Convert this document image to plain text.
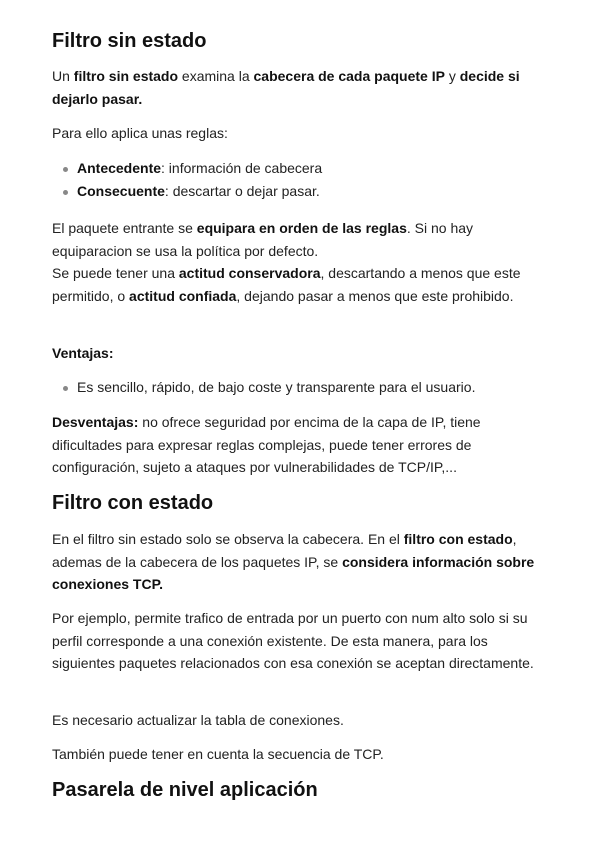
Filtro sin estado

Un filtro sin estado examina la cabecera de cada paquete IP y decide si dejarlo pasar.

Para ello aplica unas reglas:

Antecedente: información de cabecera
Consecuente: descartar o dejar pasar.

El paquete entrante se equipara en orden de las reglas. Si no hay equiparacion se usa la política por defecto.
Se puede tener una actitud conservadora, descartando a menos que este permitido, o actitud confiada, dejando pasar a menos que este prohibido.

Ventajas:

Es sencillo, rápido, de bajo coste y transparente para el usuario.

Desventajas: no ofrece seguridad por encima de la capa de IP, tiene dificultades para expresar reglas complejas, puede tener errores de configuración, sujeto a ataques por vulnerabilidades de TCP/IP,...

Filtro con estado

En el filtro sin estado solo se observa la cabecera. En el filtro con estado, ademas de la cabecera de los paquetes IP, se considera información sobre conexiones TCP.

Por ejemplo, permite trafico de entrada por un puerto con num alto solo si su perfil corresponde a una conexión existente. De esta manera, para los siguientes paquetes relacionados con esa conexión se aceptan directamente.

Es necesario actualizar la tabla de conexiones.

También puede tener en cuenta la secuencia de TCP.

Pasarela de nivel aplicación
